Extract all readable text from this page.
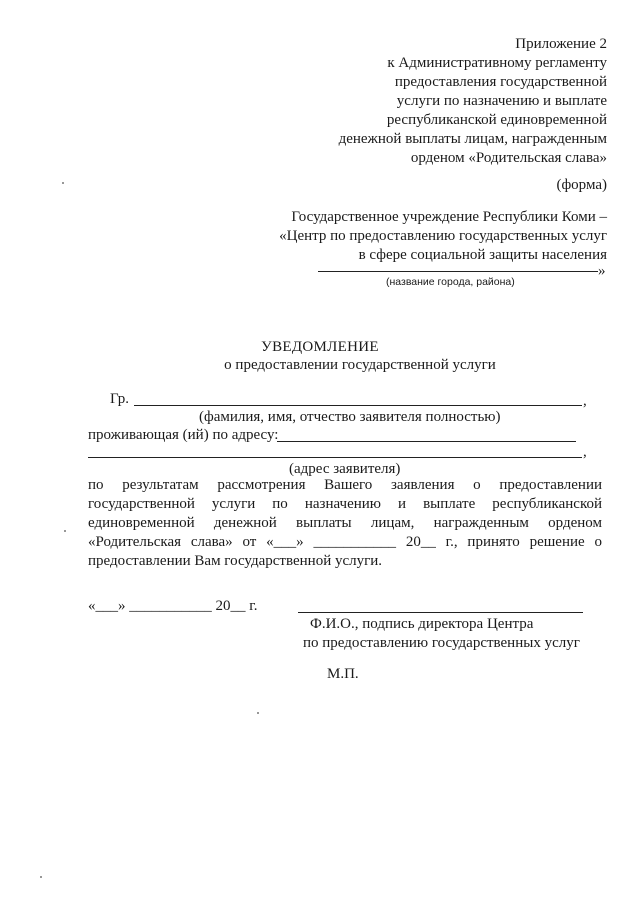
Приложение 2
к Административному регламенту
предоставления государственной
услуги по назначению и выплате
республиканской единовременной
денежной выплаты лицам, награжденным
орденом «Родительская слава»
(форма)
Государственное учреждение Республики Коми –
«Центр по предоставлению государственных услуг
в сфере социальной защиты населения
»
(название города, района)
УВЕДОМЛЕНИЕ
о предоставлении государственной услуги
Гр.	,
(фамилия, имя, отчество заявителя полностью)
проживающая (ий) по адресу:
,
(адрес заявителя)
по результатам рассмотрения Вашего заявления о предоставлении
государственной услуги по назначению и выплате республиканской
единовременной денежной выплаты лицам, награжденным орденом
«Родительская слава» от «___» ___________ 20__ г., принято решение о
предоставлении Вам государственной услуги.
«___» ___________ 20__ г.
Ф.И.О., подпись директора Центра
по предоставлению государственных услуг
М.П.
